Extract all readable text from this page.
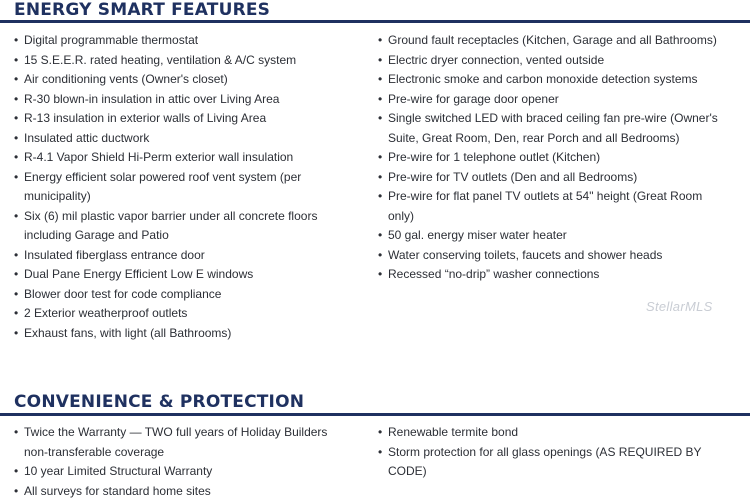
ENERGY SMART FEATURES
• Digital programmable thermostat
• 15 S.E.E.R. rated heating, ventilation & A/C system
• Air conditioning vents (Owner's closet)
• R-30 blown-in insulation in attic over Living Area
• R-13 insulation in exterior walls of Living Area
• Insulated attic ductwork
• R-4.1 Vapor Shield Hi-Perm exterior wall insulation
• Energy efficient solar powered roof vent system (per municipality)
• Six (6) mil plastic vapor barrier under all concrete floors including Garage and Patio
• Insulated fiberglass entrance door
• Dual Pane Energy Efficient Low E windows
• Blower door test for code compliance
• 2 Exterior weatherproof outlets
• Exhaust fans, with light (all Bathrooms)
• Ground fault receptacles (Kitchen, Garage and all Bathrooms)
• Electric dryer connection, vented outside
• Electronic smoke and carbon monoxide detection systems
• Pre-wire for garage door opener
• Single switched LED with braced ceiling fan pre-wire (Owner's Suite, Great Room, Den, rear Porch and all Bedrooms)
• Pre-wire for 1 telephone outlet (Kitchen)
• Pre-wire for TV outlets (Den and all Bedrooms)
• Pre-wire for flat panel TV outlets at 54" height (Great Room only)
• 50 gal. energy miser water heater
• Water conserving toilets, faucets and shower heads
• Recessed “no-drip” washer connections
StellarMLS
CONVENIENCE & PROTECTION
• Twice the Warranty — TWO full years of Holiday Builders non-transferable coverage
• 10 year Limited Structural Warranty
• All surveys for standard home sites
• Renewable termite bond
• Storm protection for all glass openings (AS REQUIRED BY CODE)
